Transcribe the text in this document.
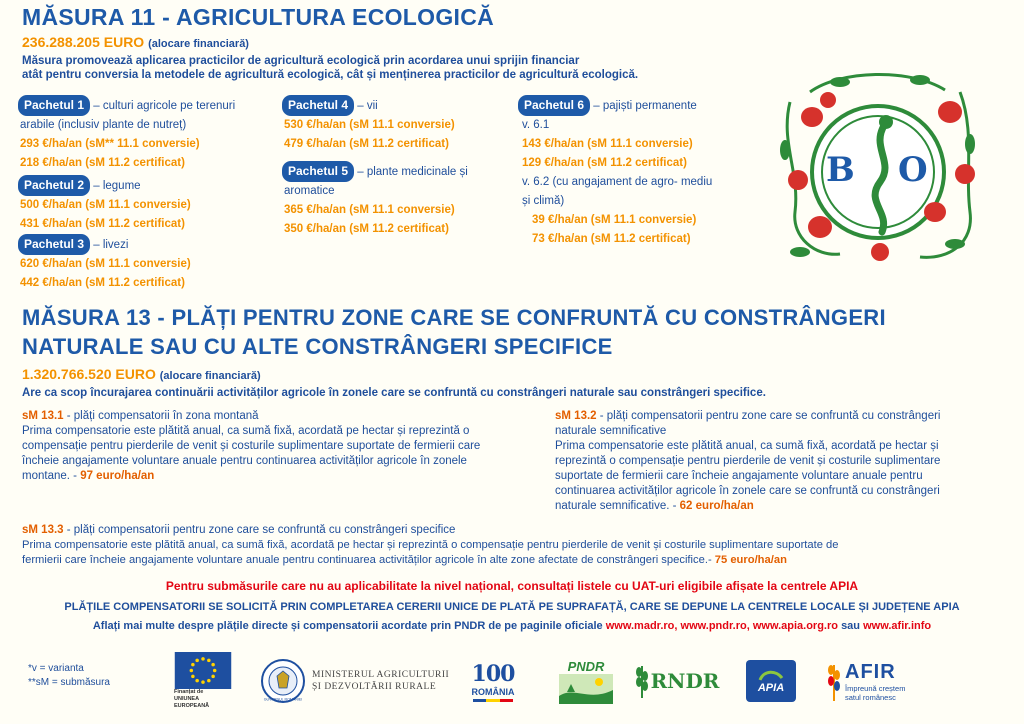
MĂSURA 11 - AGRICULTURA ECOLOGICĂ
236.288.205 EURO (alocare financiară)
Măsura promovează aplicarea practicilor de agricultură ecologică prin acordarea unui sprijin financiar
atât pentru conversia la metodele de agricultură ecologică, cât și menținerea practicilor de agricultură ecologică.
Pachetul 1 – culturi agricole pe terenuri
arabile (inclusiv plante de nutreț)
293 €/ha/an (sM** 11.1 conversie)
218 €/ha/an (sM 11.2 certificat)
Pachetul 2 – legume
500 €/ha/an (sM 11.1 conversie)
431 €/ha/an (sM 11.2 certificat)
Pachetul 3 – livezi
620 €/ha/an (sM 11.1 conversie)
442 €/ha/an (sM 11.2 certificat)
Pachetul 4 – vii
530 €/ha/an (sM 11.1 conversie)
479 €/ha/an (sM 11.2 certificat)
Pachetul 5 – plante medicinale și
aromatice
365 €/ha/an (sM 11.1 conversie)
350 €/ha/an (sM 11.2 certificat)
Pachetul 6 – pajiști permanente
v. 6.1
143 €/ha/an (sM 11.1 conversie)
129 €/ha/an (sM 11.2 certificat)
v. 6.2 (cu angajament de agro- mediu
și climă)
39 €/ha/an (sM 11.1 conversie)
73 €/ha/an (sM 11.2 certificat)
B O
MĂSURA 13 - PLĂȚI PENTRU ZONE CARE SE CONFRUNTĂ CU CONSTRÂNGERI
NATURALE SAU CU ALTE CONSTRÂNGERI SPECIFICE
1.320.766.520 EURO (alocare financiară)
Are ca scop încurajarea continuării activităților agricole în zonele care se confruntă cu constrângeri naturale sau constrângeri specifice.
sM 13.1 - plăți compensatorii în zona montană
Prima compensatorie este plătită anual, ca sumă fixă, acordată pe hectar și reprezintă o
compensație pentru pierderile de venit și costurile suplimentare suportate de fermierii care
încheie angajamente voluntare anuale pentru continuarea activităților agricole în zonele
montane. - 97 euro/ha/an
sM 13.2 - plăți compensatorii pentru zone care se confruntă cu constrângeri
naturale semnificative
Prima compensatorie este plătită anual, ca sumă fixă, acordată pe hectar și
reprezintă o compensație pentru pierderile de venit și costurile suplimentare
suportate de fermierii care încheie angajamente voluntare anuale pentru
continuarea activităților agricole în zonele care se confruntă cu constrângeri
naturale semnificative. - 62 euro/ha/an
sM 13.3 - plăți compensatorii pentru zone care se confruntă cu constrângeri specifice
Prima compensatorie este plătită anual, ca sumă fixă, acordată pe hectar și reprezintă o compensație pentru pierderile de venit și costurile suplimentare suportate de
fermierii care încheie angajamente voluntare anuale pentru continuarea activităților agricole în alte zone afectate de constrângeri specifice.- 75 euro/ha/an
Pentru submăsurile care nu au aplicabilitate la nivel național, consultați listele cu UAT-uri eligibile afișate la centrele APIA
PLĂȚILE COMPENSATORII SE SOLICITĂ PRIN COMPLETAREA CERERII UNICE DE PLATĂ PE SUPRAFAȚĂ, CARE SE DEPUNE LA CENTRELE LOCALE ȘI JUDEȚENE APIA
Aflați mai multe despre plățile directe și compensatorii acordate prin PNDR de pe paginile oficiale www.madr.ro, www.pndr.ro, www.apia.org.ro sau www.afir.info
*v = varianta
**sM = submăsura
Finanțat de
UNIUNEA EUROPEANĂ
GUVERNUL ROMÂNIEI
MINISTERUL AGRICULTURII
ȘI DEZVOLTĂRII RURALE
100
ROMÂNIA
PNDR
RNDR	APIA
AFIR
Împreună creștem
satul românesc
